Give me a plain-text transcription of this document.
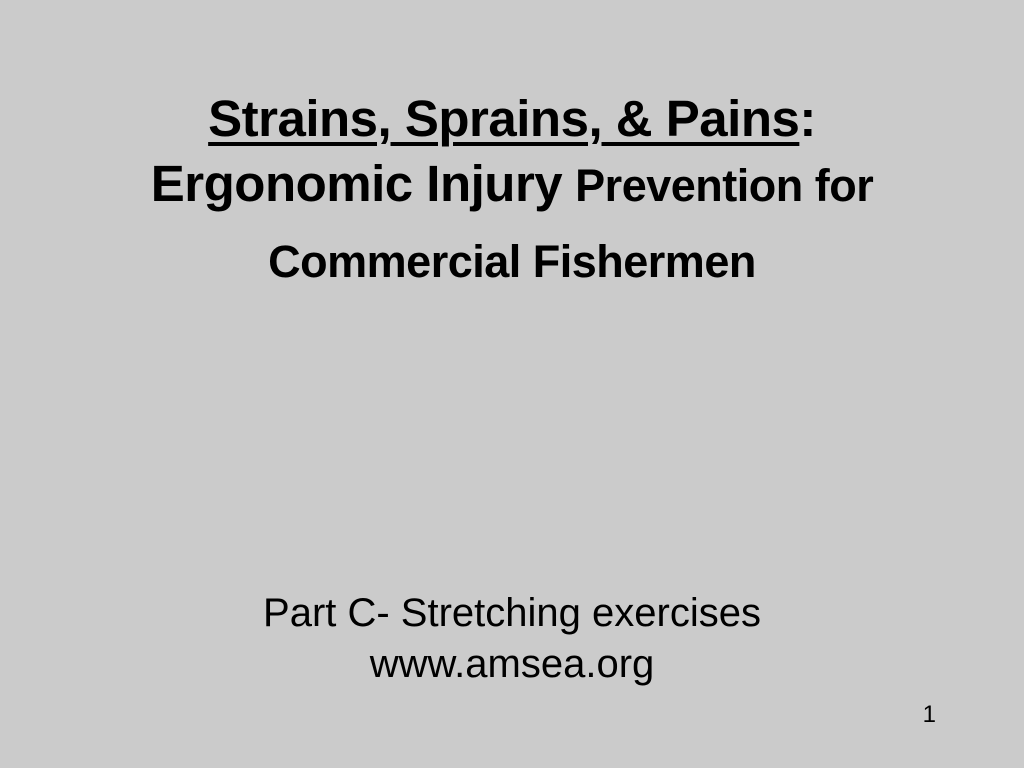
Strains, Sprains, & Pains:
Ergonomic Injury Prevention for
Commercial Fishermen
Part C- Stretching exercises
www.amsea.org
1
